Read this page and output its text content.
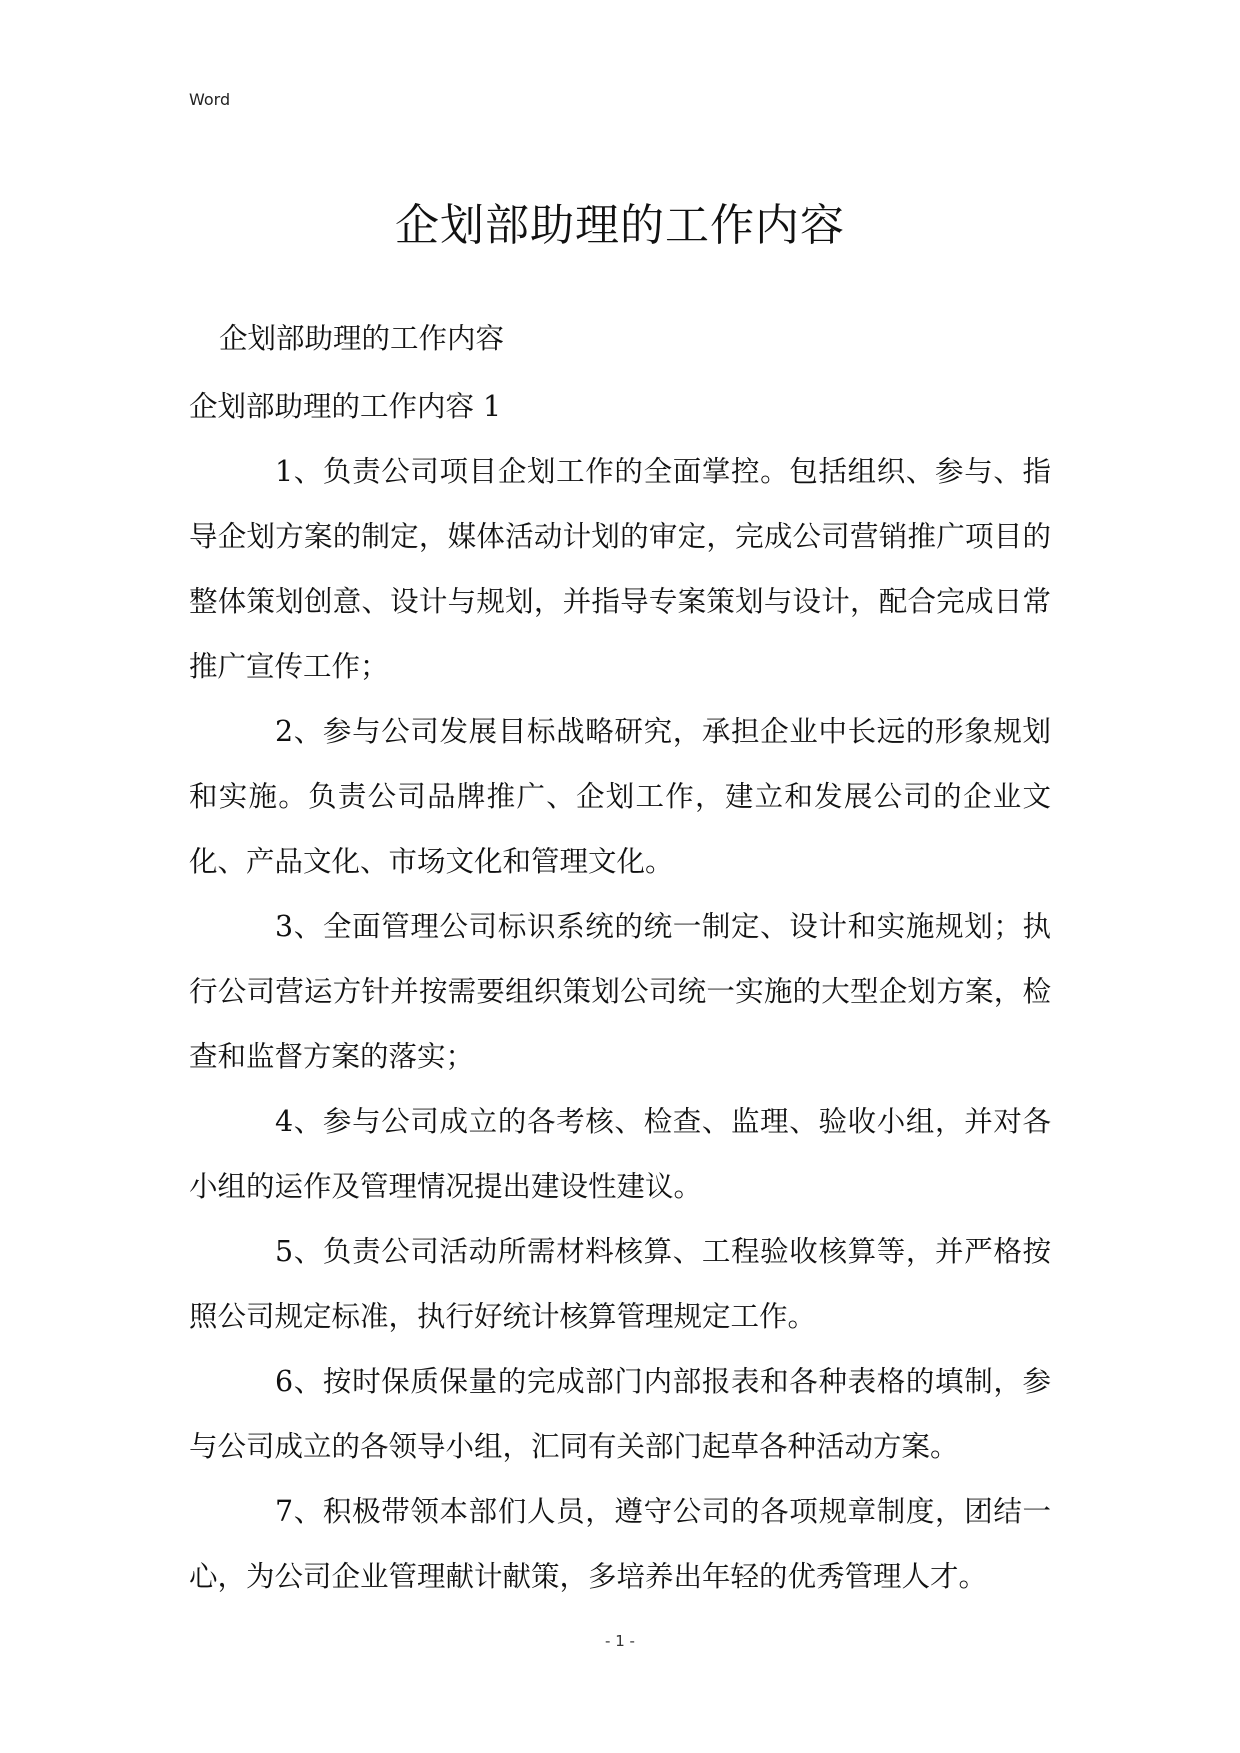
Word
企划部助理的工作内容

企划部助理的工作内容

企划部助理的工作内容 1

1、负责公司项目企划工作的全面掌控。包括组织、参与、指导企划方案的制定，媒体活动计划的审定，完成公司营销推广项目的整体策划创意、设计与规划，并指导专案策划与设计，配合完成日常推广宣传工作；

2、参与公司发展目标战略研究，承担企业中长远的形象规划和实施。负责公司品牌推广、企划工作，建立和发展公司的企业文化、产品文化、市场文化和管理文化。

3、全面管理公司标识系统的统一制定、设计和实施规划；执行公司营运方针并按需要组织策划公司统一实施的大型企划方案，检查和监督方案的落实；

4、参与公司成立的各考核、检查、监理、验收小组，并对各小组的运作及管理情况提出建设性建议。

5、负责公司活动所需材料核算、工程验收核算等，并严格按照公司规定标准，执行好统计核算管理规定工作。

6、按时保质保量的完成部门内部报表和各种表格的填制，参与公司成立的各领导小组，汇同有关部门起草各种活动方案。

7、积极带领本部们人员，遵守公司的各项规章制度，团结一心，为公司企业管理献计献策，多培养出年轻的优秀管理人才。

- 1 -
